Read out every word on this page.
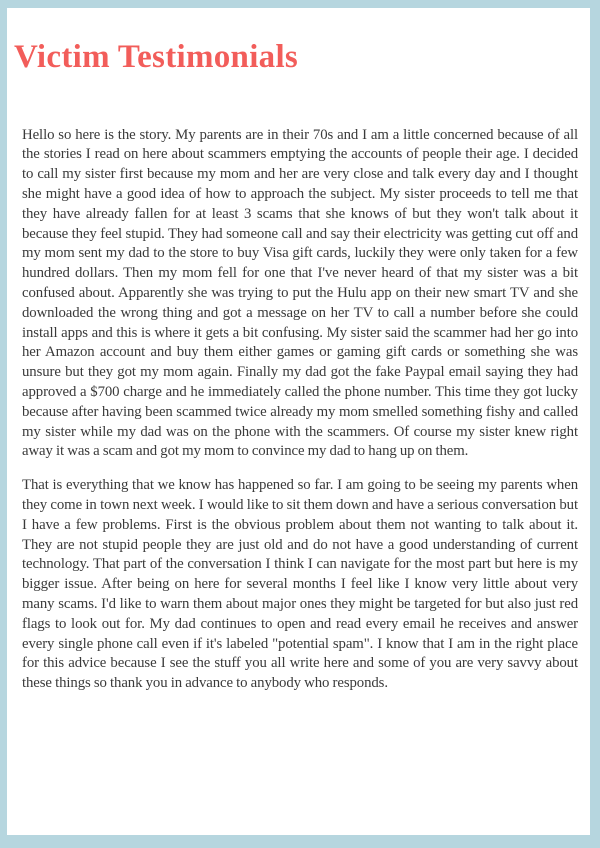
Victim Testimonials

Hello so here is the story. My parents are in their 70s and I am a little concerned because of all the stories I read on here about scammers emptying the accounts of people their age. I decided to call my sister first because my mom and her are very close and talk every day and I thought she might have a good idea of how to approach the subject. My sister proceeds to tell me that they have already fallen for at least 3 scams that she knows of but they won't talk about it because they feel stupid. They had someone call and say their electricity was getting cut off and my mom sent my dad to the store to buy Visa gift cards, luckily they were only taken for a few hundred dollars. Then my mom fell for one that I've never heard of that my sister was a bit confused about. Apparently she was trying to put the Hulu app on their new smart TV and she downloaded the wrong thing and got a message on her TV to call a number before she could install apps and this is where it gets a bit confusing. My sister said the scammer had her go into her Amazon account and buy them either games or gaming gift cards or something she was unsure but they got my mom again. Finally my dad got the fake Paypal email saying they had approved a $700 charge and he immediately called the phone number. This time they got lucky because after having been scammed twice already my mom smelled something fishy and called my sister while my dad was on the phone with the scammers. Of course my sister knew right away it was a scam and got my mom to convince my dad to hang up on them.

That is everything that we know has happened so far. I am going to be seeing my parents when they come in town next week. I would like to sit them down and have a serious conversation but I have a few problems. First is the obvious problem about them not wanting to talk about it. They are not stupid people they are just old and do not have a good understanding of current technology. That part of the conversation I think I can navigate for the most part but here is my bigger issue. After being on here for several months I feel like I know very little about very many scams. I'd like to warn them about major ones they might be targeted for but also just red flags to look out for. My dad continues to open and read every email he receives and answer every single phone call even if it's labeled "potential spam". I know that I am in the right place for this advice because I see the stuff you all write here and some of you are very savvy about these things so thank you in advance to anybody who responds.
